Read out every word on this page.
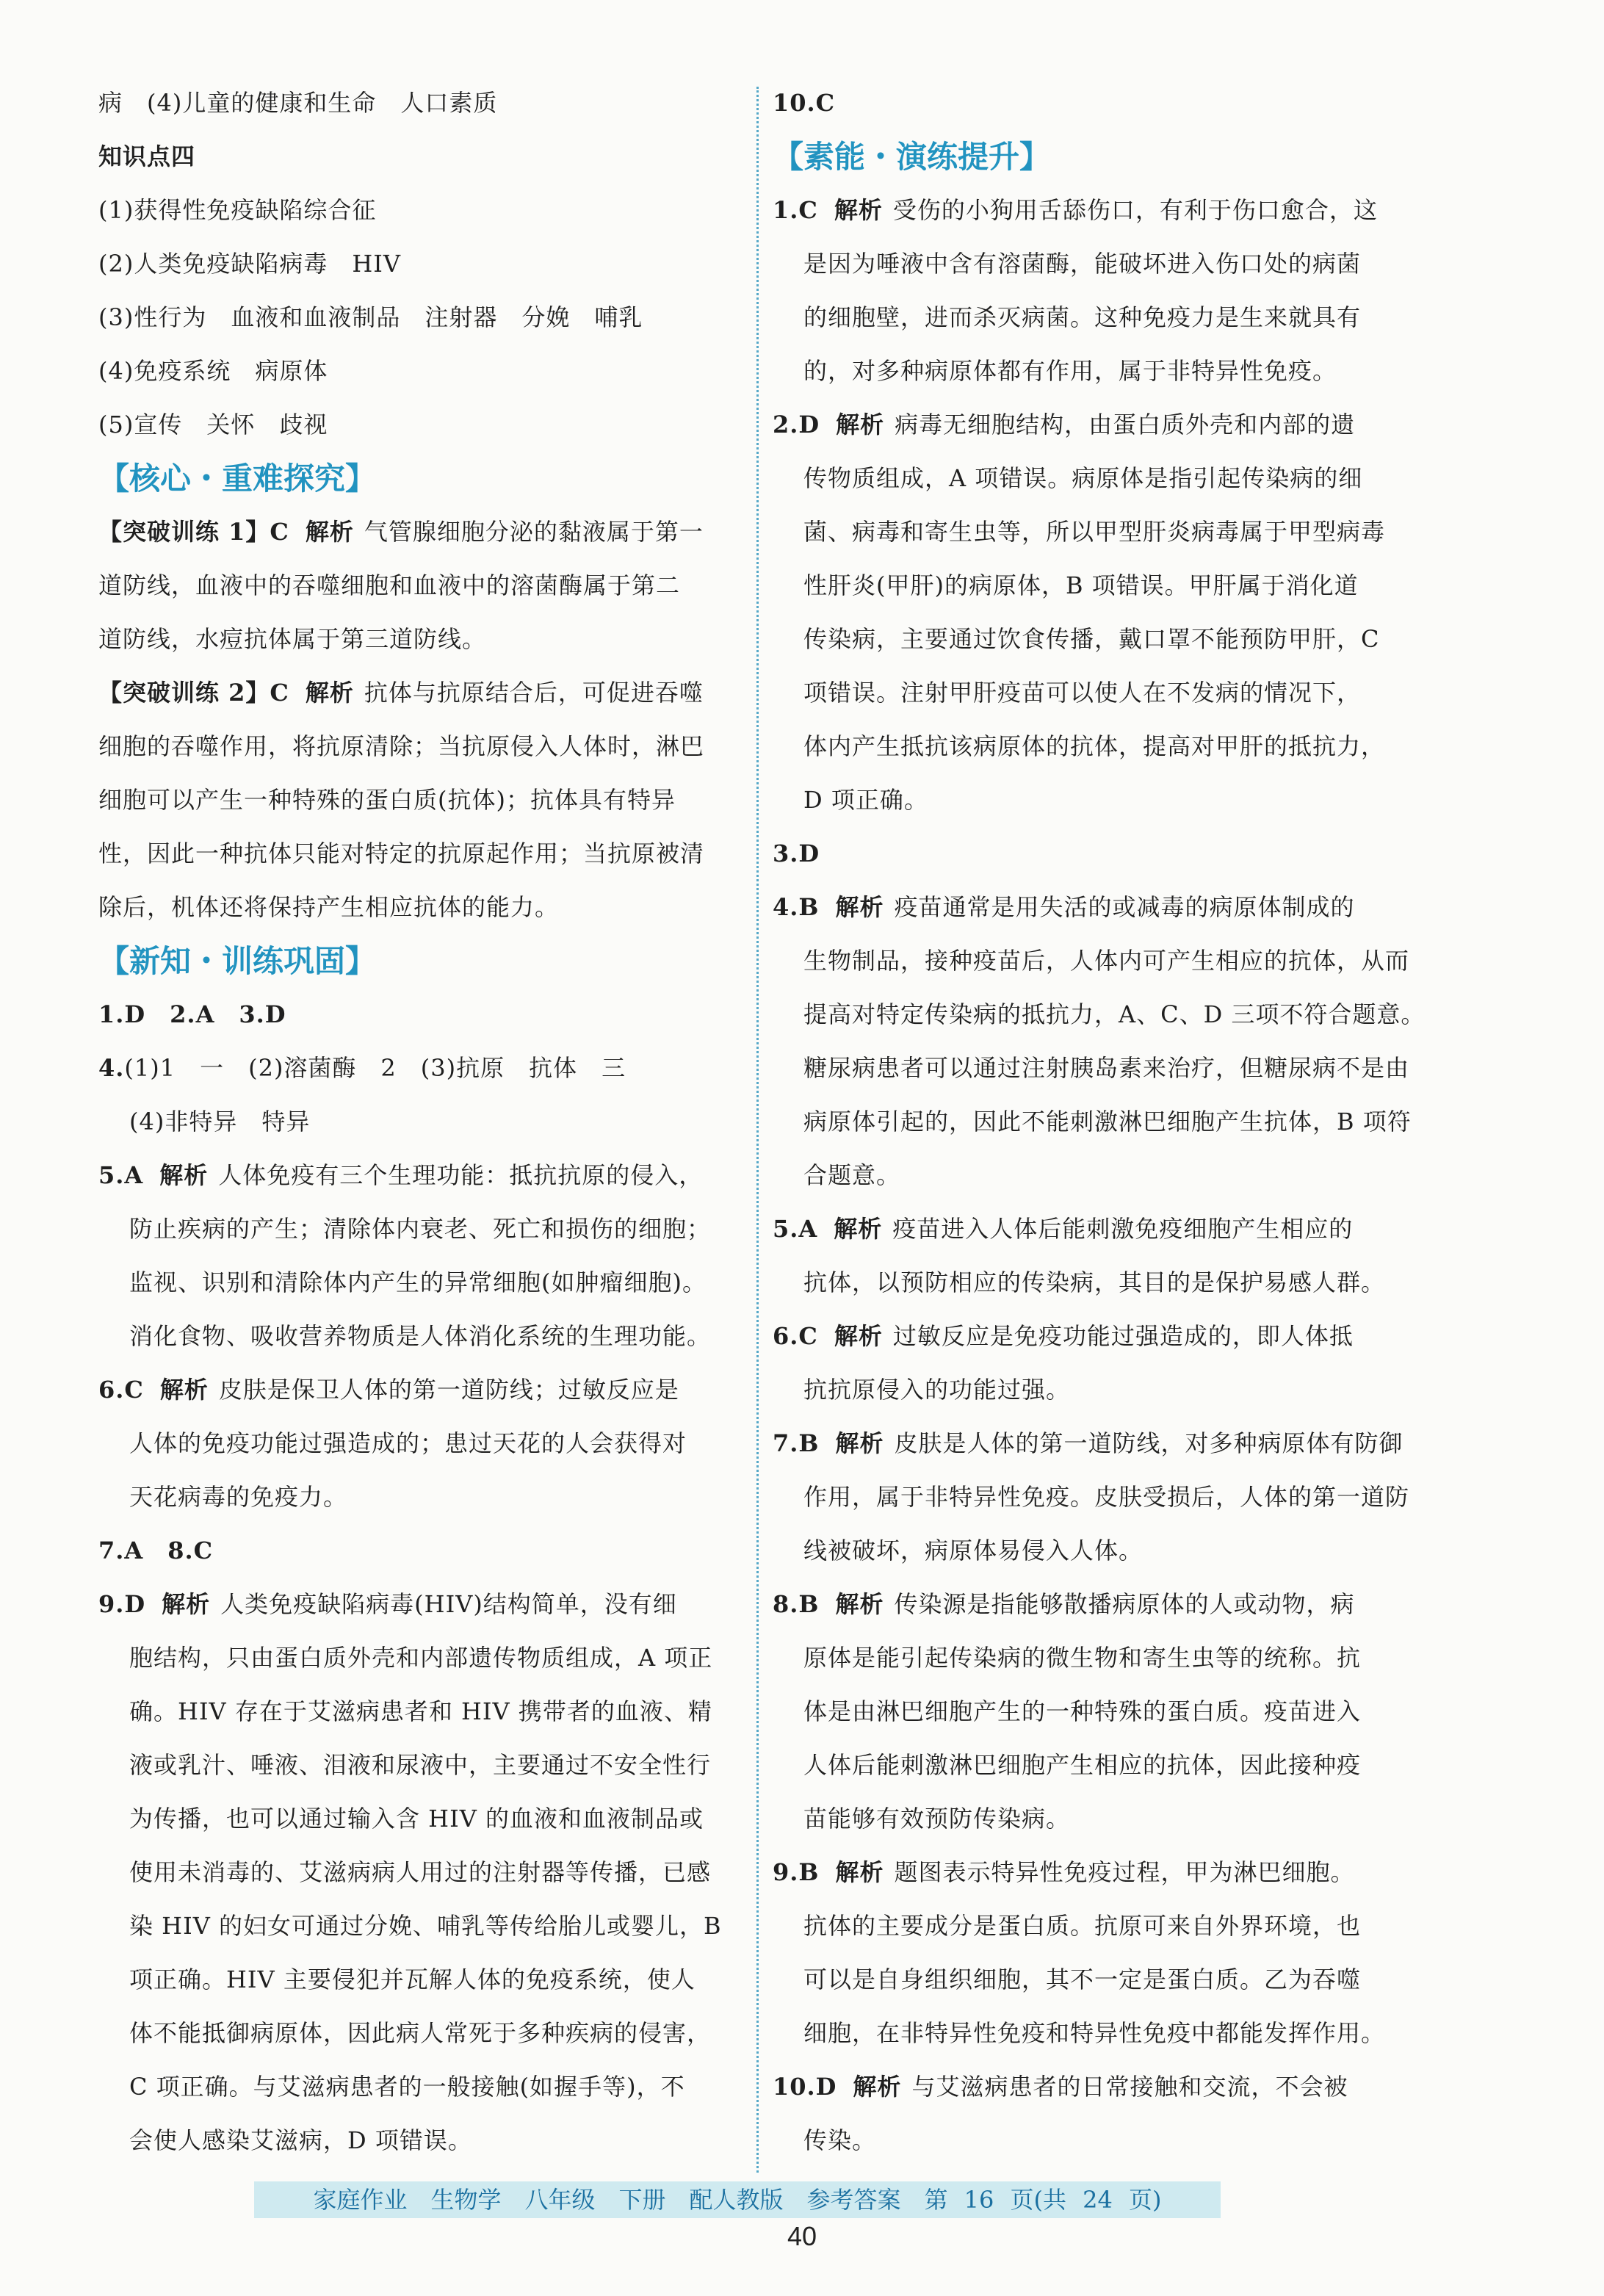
病　(4)儿童的健康和生命　人口素质
知识点四
(1)获得性免疫缺陷综合征
(2)人类免疫缺陷病毒　HIV
(3)性行为　血液和血液制品　注射器　分娩　哺乳
(4)免疫系统　病原体
(5)宣传　关怀　歧视
【核心・重难探究】
【突破训练 1】C 解析 气管腺细胞分泌的黏液属于第一
道防线，血液中的吞噬细胞和血液中的溶菌酶属于第二
道防线，水痘抗体属于第三道防线。
【突破训练 2】C 解析 抗体与抗原结合后，可促进吞噬
细胞的吞噬作用，将抗原清除；当抗原侵入人体时，淋巴
细胞可以产生一种特殊的蛋白质(抗体)；抗体具有特异
性，因此一种抗体只能对特定的抗原起作用；当抗原被清
除后，机体还将保持产生相应抗体的能力。
【新知・训练巩固】
1.D　2.A　3.D
4.(1)1　一　(2)溶菌酶　2　(3)抗原　抗体　三
(4)非特异　特异
5.A 解析 人体免疫有三个生理功能：抵抗抗原的侵入，
防止疾病的产生；清除体内衰老、死亡和损伤的细胞；
监视、识别和清除体内产生的异常细胞(如肿瘤细胞)。
消化食物、吸收营养物质是人体消化系统的生理功能。
6.C 解析 皮肤是保卫人体的第一道防线；过敏反应是
人体的免疫功能过强造成的；患过天花的人会获得对
天花病毒的免疫力。
7.A　8.C
9.D 解析 人类免疫缺陷病毒(HIV)结构简单，没有细
胞结构，只由蛋白质外壳和内部遗传物质组成，A 项正
确。HIV 存在于艾滋病患者和 HIV 携带者的血液、精
液或乳汁、唾液、泪液和尿液中，主要通过不安全性行
为传播，也可以通过输入含 HIV 的血液和血液制品或
使用未消毒的、艾滋病病人用过的注射器等传播，已感
染 HIV 的妇女可通过分娩、哺乳等传给胎儿或婴儿，B
项正确。HIV 主要侵犯并瓦解人体的免疫系统，使人
体不能抵御病原体，因此病人常死于多种疾病的侵害，
C 项正确。与艾滋病患者的一般接触(如握手等)，不
会使人感染艾滋病，D 项错误。
10.C
【素能・演练提升】
1.C 解析 受伤的小狗用舌舔伤口，有利于伤口愈合，这
是因为唾液中含有溶菌酶，能破坏进入伤口处的病菌
的细胞壁，进而杀灭病菌。这种免疫力是生来就具有
的，对多种病原体都有作用，属于非特异性免疫。
2.D 解析 病毒无细胞结构，由蛋白质外壳和内部的遗
传物质组成，A 项错误。病原体是指引起传染病的细
菌、病毒和寄生虫等，所以甲型肝炎病毒属于甲型病毒
性肝炎(甲肝)的病原体，B 项错误。甲肝属于消化道
传染病，主要通过饮食传播，戴口罩不能预防甲肝，C
项错误。注射甲肝疫苗可以使人在不发病的情况下，
体内产生抵抗该病原体的抗体，提高对甲肝的抵抗力，
D 项正确。
3.D
4.B 解析 疫苗通常是用失活的或减毒的病原体制成的
生物制品，接种疫苗后，人体内可产生相应的抗体，从而
提高对特定传染病的抵抗力，A、C、D 三项不符合题意。
糖尿病患者可以通过注射胰岛素来治疗，但糖尿病不是由
病原体引起的，因此不能刺激淋巴细胞产生抗体，B 项符
合题意。
5.A 解析 疫苗进入人体后能刺激免疫细胞产生相应的
抗体，以预防相应的传染病，其目的是保护易感人群。
6.C 解析 过敏反应是免疫功能过强造成的，即人体抵
抗抗原侵入的功能过强。
7.B 解析 皮肤是人体的第一道防线，对多种病原体有防御
作用，属于非特异性免疫。皮肤受损后，人体的第一道防
线被破坏，病原体易侵入人体。
8.B 解析 传染源是指能够散播病原体的人或动物，病
原体是能引起传染病的微生物和寄生虫等的统称。抗
体是由淋巴细胞产生的一种特殊的蛋白质。疫苗进入
人体后能刺激淋巴细胞产生相应的抗体，因此接种疫
苗能够有效预防传染病。
9.B 解析 题图表示特异性免疫过程，甲为淋巴细胞。
抗体的主要成分是蛋白质。抗原可来自外界环境，也
可以是自身组织细胞，其不一定是蛋白质。乙为吞噬
细胞，在非特异性免疫和特异性免疫中都能发挥作用。
10.D 解析 与艾滋病患者的日常接触和交流，不会被
传染。
家庭作业　生物学　八年级　下册　配人教版　参考答案　第 16 页(共 24 页)
40
